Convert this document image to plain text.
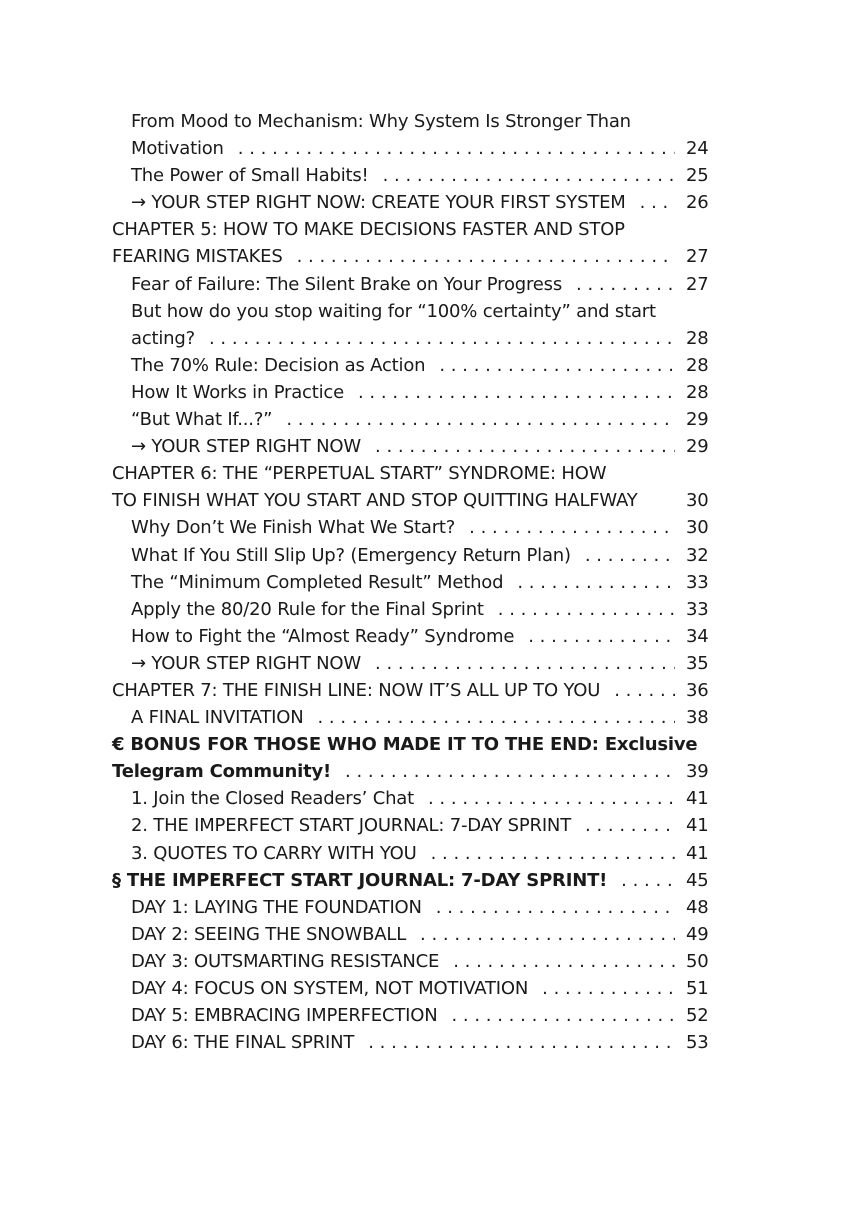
From Mood to Mechanism: Why System Is Stronger Than
Motivation . . .	24
The Power of Small Habits! . . .	25
→ YOUR STEP RIGHT NOW: CREATE YOUR FIRST SYSTEM . . .	26
CHAPTER 5: HOW TO MAKE DECISIONS FASTER AND STOP
FEARING MISTAKES . . .	27
Fear of Failure: The Silent Brake on Your Progress . . .	27
But how do you stop waiting for “100% certainty” and start
acting? . . .	28
The 70% Rule: Decision as Action . . .	28
How It Works in Practice . . .	28
“But What If...?” . . .	29
→ YOUR STEP RIGHT NOW . . .	29
CHAPTER 6: THE “PERPETUAL START” SYNDROME: HOW
TO FINISH WHAT YOU START AND STOP QUITTING HALFWAY	30
Why Don’t We Finish What We Start? . . .	30
What If You Still Slip Up? (Emergency Return Plan) . . .	32
The “Minimum Completed Result” Method . . .	33
Apply the 80/20 Rule for the Final Sprint . . .	33
How to Fight the “Almost Ready” Syndrome . . .	34
→ YOUR STEP RIGHT NOW . . .	35
CHAPTER 7: THE FINISH LINE: NOW IT’S ALL UP TO YOU . . .	36
A FINAL INVITATION . . .	38
€ BONUS FOR THOSE WHO MADE IT TO THE END: Exclusive
Telegram Community! . . .	39
1. Join the Closed Readers’ Chat . . .	41
2. THE IMPERFECT START JOURNAL: 7-DAY SPRINT . . .	41
3. QUOTES TO CARRY WITH YOU . . .	41
§ THE IMPERFECT START JOURNAL: 7-DAY SPRINT! . . .	45
DAY 1: LAYING THE FOUNDATION . . .	48
DAY 2: SEEING THE SNOWBALL . . .	49
DAY 3: OUTSMARTING RESISTANCE . . .	50
DAY 4: FOCUS ON SYSTEM, NOT MOTIVATION . . .	51
DAY 5: EMBRACING IMPERFECTION . . .	52
DAY 6: THE FINAL SPRINT . . .	53
